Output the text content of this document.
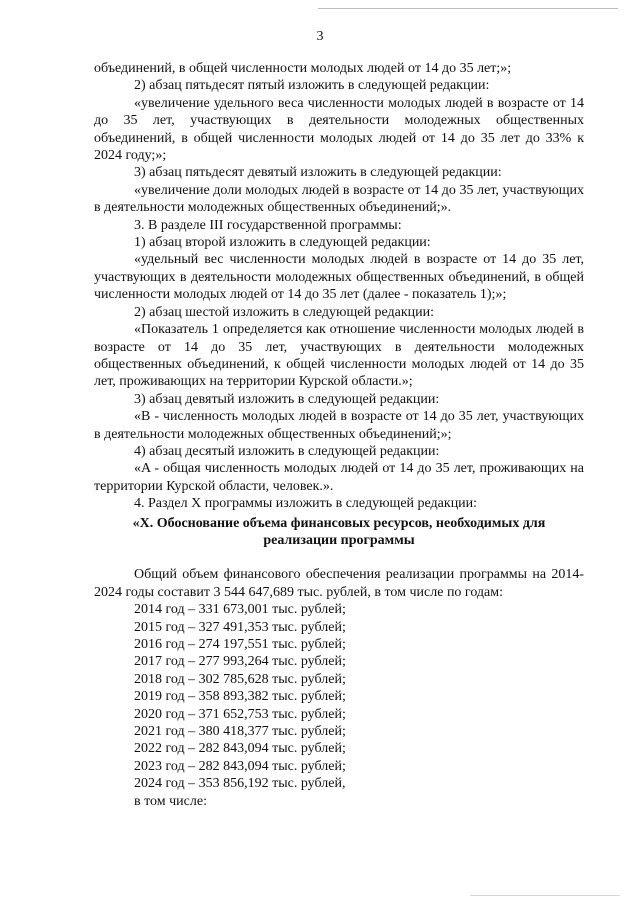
3

объединений, в общей численности молодых людей от 14 до 35 лет;»;

2) абзац пятьдесят пятый изложить в следующей редакции:

«увеличение удельного веса численности молодых людей в возрасте от 14 до 35 лет, участвующих в деятельности молодежных общественных объединений, в общей численности молодых людей от 14 до 35 лет до 33% к 2024 году;»;

3) абзац пятьдесят девятый изложить в следующей редакции:

«увеличение доли молодых людей в возрасте от 14 до 35 лет, участвующих в деятельности молодежных общественных объединений;».

3. В разделе III государственной программы:

1) абзац второй изложить в следующей редакции:

«удельный вес численности молодых людей в возрасте от 14 до 35 лет, участвующих в деятельности молодежных общественных объединений, в общей численности молодых людей от 14 до 35 лет (далее - показатель 1);»;

2) абзац шестой изложить в следующей редакции:

«Показатель 1 определяется как отношение численности молодых людей в возрасте от 14 до 35 лет, участвующих в деятельности молодежных общественных объединений, к общей численности молодых людей от 14 до 35 лет, проживающих на территории Курской области.»;

3) абзац девятый изложить в следующей редакции:

«B - численность молодых людей в возрасте от 14 до 35 лет, участвующих в деятельности молодежных общественных объединений;»;

4) абзац десятый изложить в следующей редакции:

«A - общая численность молодых людей от 14 до 35 лет, проживающих на территории Курской области, человек.».

4. Раздел X программы изложить в следующей редакции:

«X. Обоснование объема финансовых ресурсов, необходимых для реализации программы

Общий объем финансового обеспечения реализации программы на 2014-2024 годы составит 3 544 647,689 тыс. рублей, в том числе по годам:

2014 год – 331 673,001 тыс. рублей;
2015 год – 327 491,353 тыс. рублей;
2016 год – 274 197,551 тыс. рублей;
2017 год – 277 993,264 тыс. рублей;
2018 год – 302 785,628 тыс. рублей;
2019 год – 358 893,382 тыс. рублей;
2020 год – 371 652,753 тыс. рублей;
2021 год – 380 418,377 тыс. рублей;
2022 год – 282 843,094 тыс. рублей;
2023 год – 282 843,094 тыс. рублей;
2024 год – 353 856,192 тыс. рублей,

в том числе:
